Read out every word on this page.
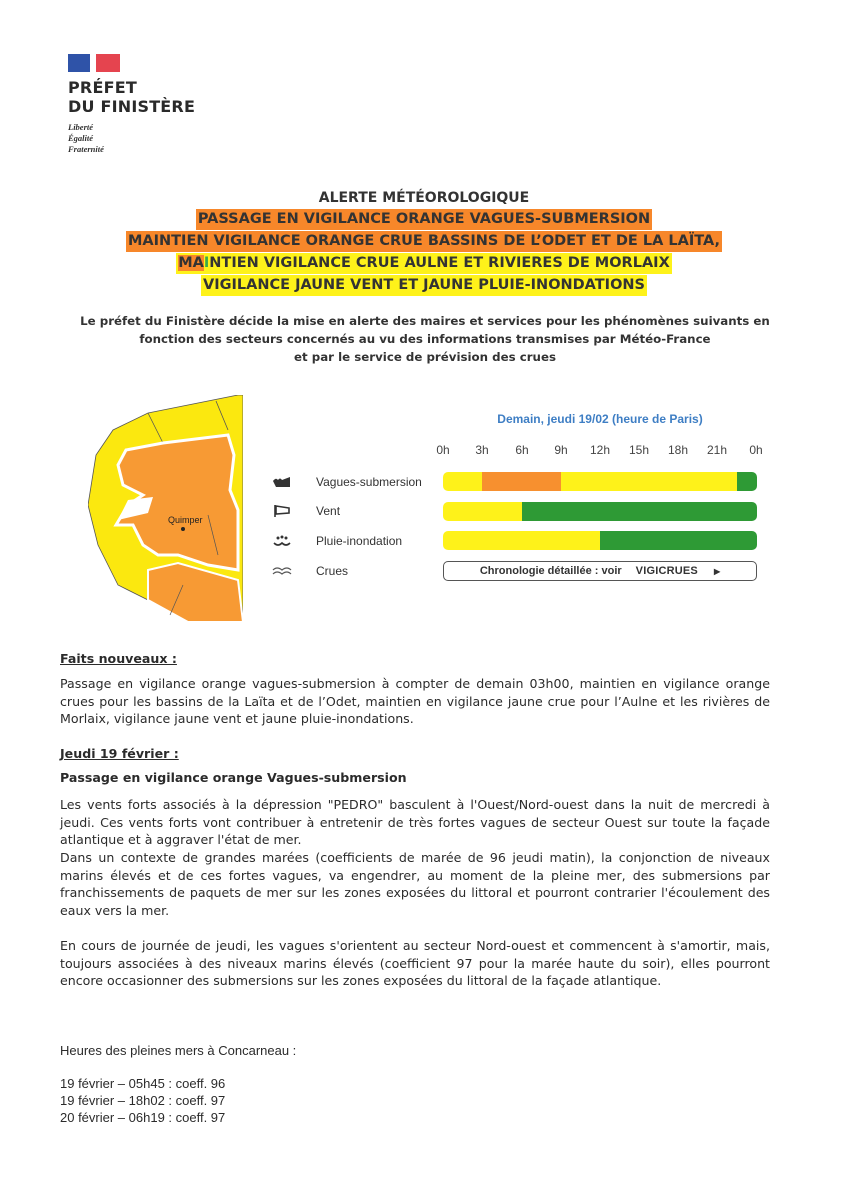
PRÉFET
DU FINISTÈRE
Liberté
Égalité
Fraternité
ALERTE MÉTÉOROLOGIQUE
PASSAGE EN VIGILANCE ORANGE VAGUES-SUBMERSION
MAINTIEN VIGILANCE ORANGE CRUE BASSINS DE L’ODET ET DE LA LAÏTA,
MAINTIEN VIGILANCE CRUE AULNE ET RIVIERES DE MORLAIX
VIGILANCE JAUNE VENT ET JAUNE PLUIE-INONDATIONS
Le préfet du Finistère décide la mise en alerte des maires et services pour les phénomènes suivants en
fonction des secteurs concernés au vu des informations transmises par Météo-France
et par le service de prévision des crues
Quimper
Demain, jeudi 19/02 (heure de Paris)
0h 3h 6h 9h 12h 15h 18h 21h 0h
Vagues-submersion
Vent
Pluie-inondation
Crues	Chronologie détaillée : voir VIGICRUES ▶
Faits nouveaux :
Passage en vigilance orange vagues-submersion à compter de demain 03h00, maintien en vigilance orange crues pour les bassins de la Laïta et de l’Odet, maintien en vigilance jaune crue pour l’Aulne et les rivières de Morlaix, vigilance jaune vent et jaune pluie-inondations.
Jeudi 19 février :
Passage en vigilance orange Vagues-submersion
Les vents forts associés à la dépression "PEDRO" basculent à l'Ouest/Nord-ouest dans la nuit de mercredi à jeudi. Ces vents forts vont contribuer à entretenir de très fortes vagues de secteur Ouest sur toute la façade atlantique et à aggraver l'état de mer.
Dans un contexte de grandes marées (coefficients de marée de 96 jeudi matin), la conjonction de niveaux marins élevés et de ces fortes vagues, va engendrer, au moment de la pleine mer, des submersions par franchissements de paquets de mer sur les zones exposées du littoral et pourront contrarier l'écoulement des eaux vers la mer.
En cours de journée de jeudi, les vagues s'orientent au secteur Nord-ouest et commencent à s'amortir, mais, toujours associées à des niveaux marins élevés (coefficient 97 pour la marée haute du soir), elles pourront encore occasionner des submersions sur les zones exposées du littoral de la façade atlantique.
Heures des pleines mers à Concarneau :
19 février – 05h45 : coeff. 96
19 février – 18h02 : coeff. 97
20 février – 06h19 : coeff. 97
